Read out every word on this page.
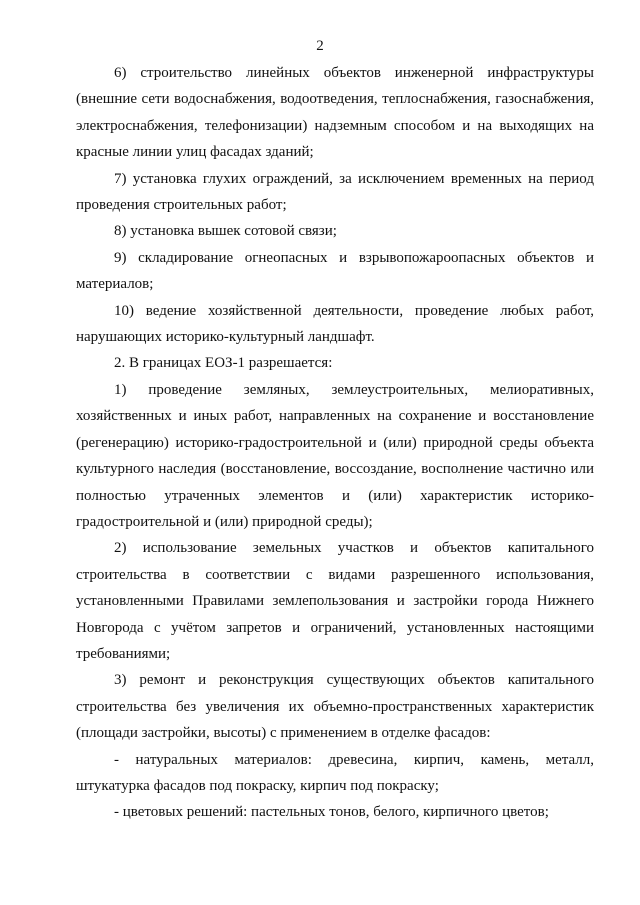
2

6) строительство линейных объектов инженерной инфраструктуры (внешние сети водоснабжения, водоотведения, теплоснабжения, газоснабжения, электроснабжения, телефонизации) надземным способом и на выходящих на красные линии улиц фасадах зданий;

7) установка глухих ограждений, за исключением временных на период проведения строительных работ;

8) установка вышек сотовой связи;

9) складирование огнеопасных и взрывопожароопасных объектов и материалов;

10) ведение хозяйственной деятельности, проведение любых работ, нарушающих историко-культурный ландшафт.

2. В границах ЕОЗ-1 разрешается:

1) проведение земляных, землеустроительных, мелиоративных, хозяйственных и иных работ, направленных на сохранение и восстановление (регенерацию) историко-градостроительной и (или) природной среды объекта культурного наследия (восстановление, воссоздание, восполнение частично или полностью утраченных элементов и (или) характеристик историко-градостроительной и (или) природной среды);

2) использование земельных участков и объектов капитального строительства в соответствии с видами разрешенного использования, установленными Правилами землепользования и застройки города Нижнего Новгорода с учётом запретов и ограничений, установленных настоящими требованиями;

3) ремонт и реконструкция существующих объектов капитального строительства без увеличения их объемно-пространственных характеристик (площади застройки, высоты) с применением в отделке фасадов:

- натуральных материалов: древесина, кирпич, камень, металл, штукатурка фасадов под покраску, кирпич под покраску;

- цветовых решений: пастельных тонов, белого, кирпичного цветов;
